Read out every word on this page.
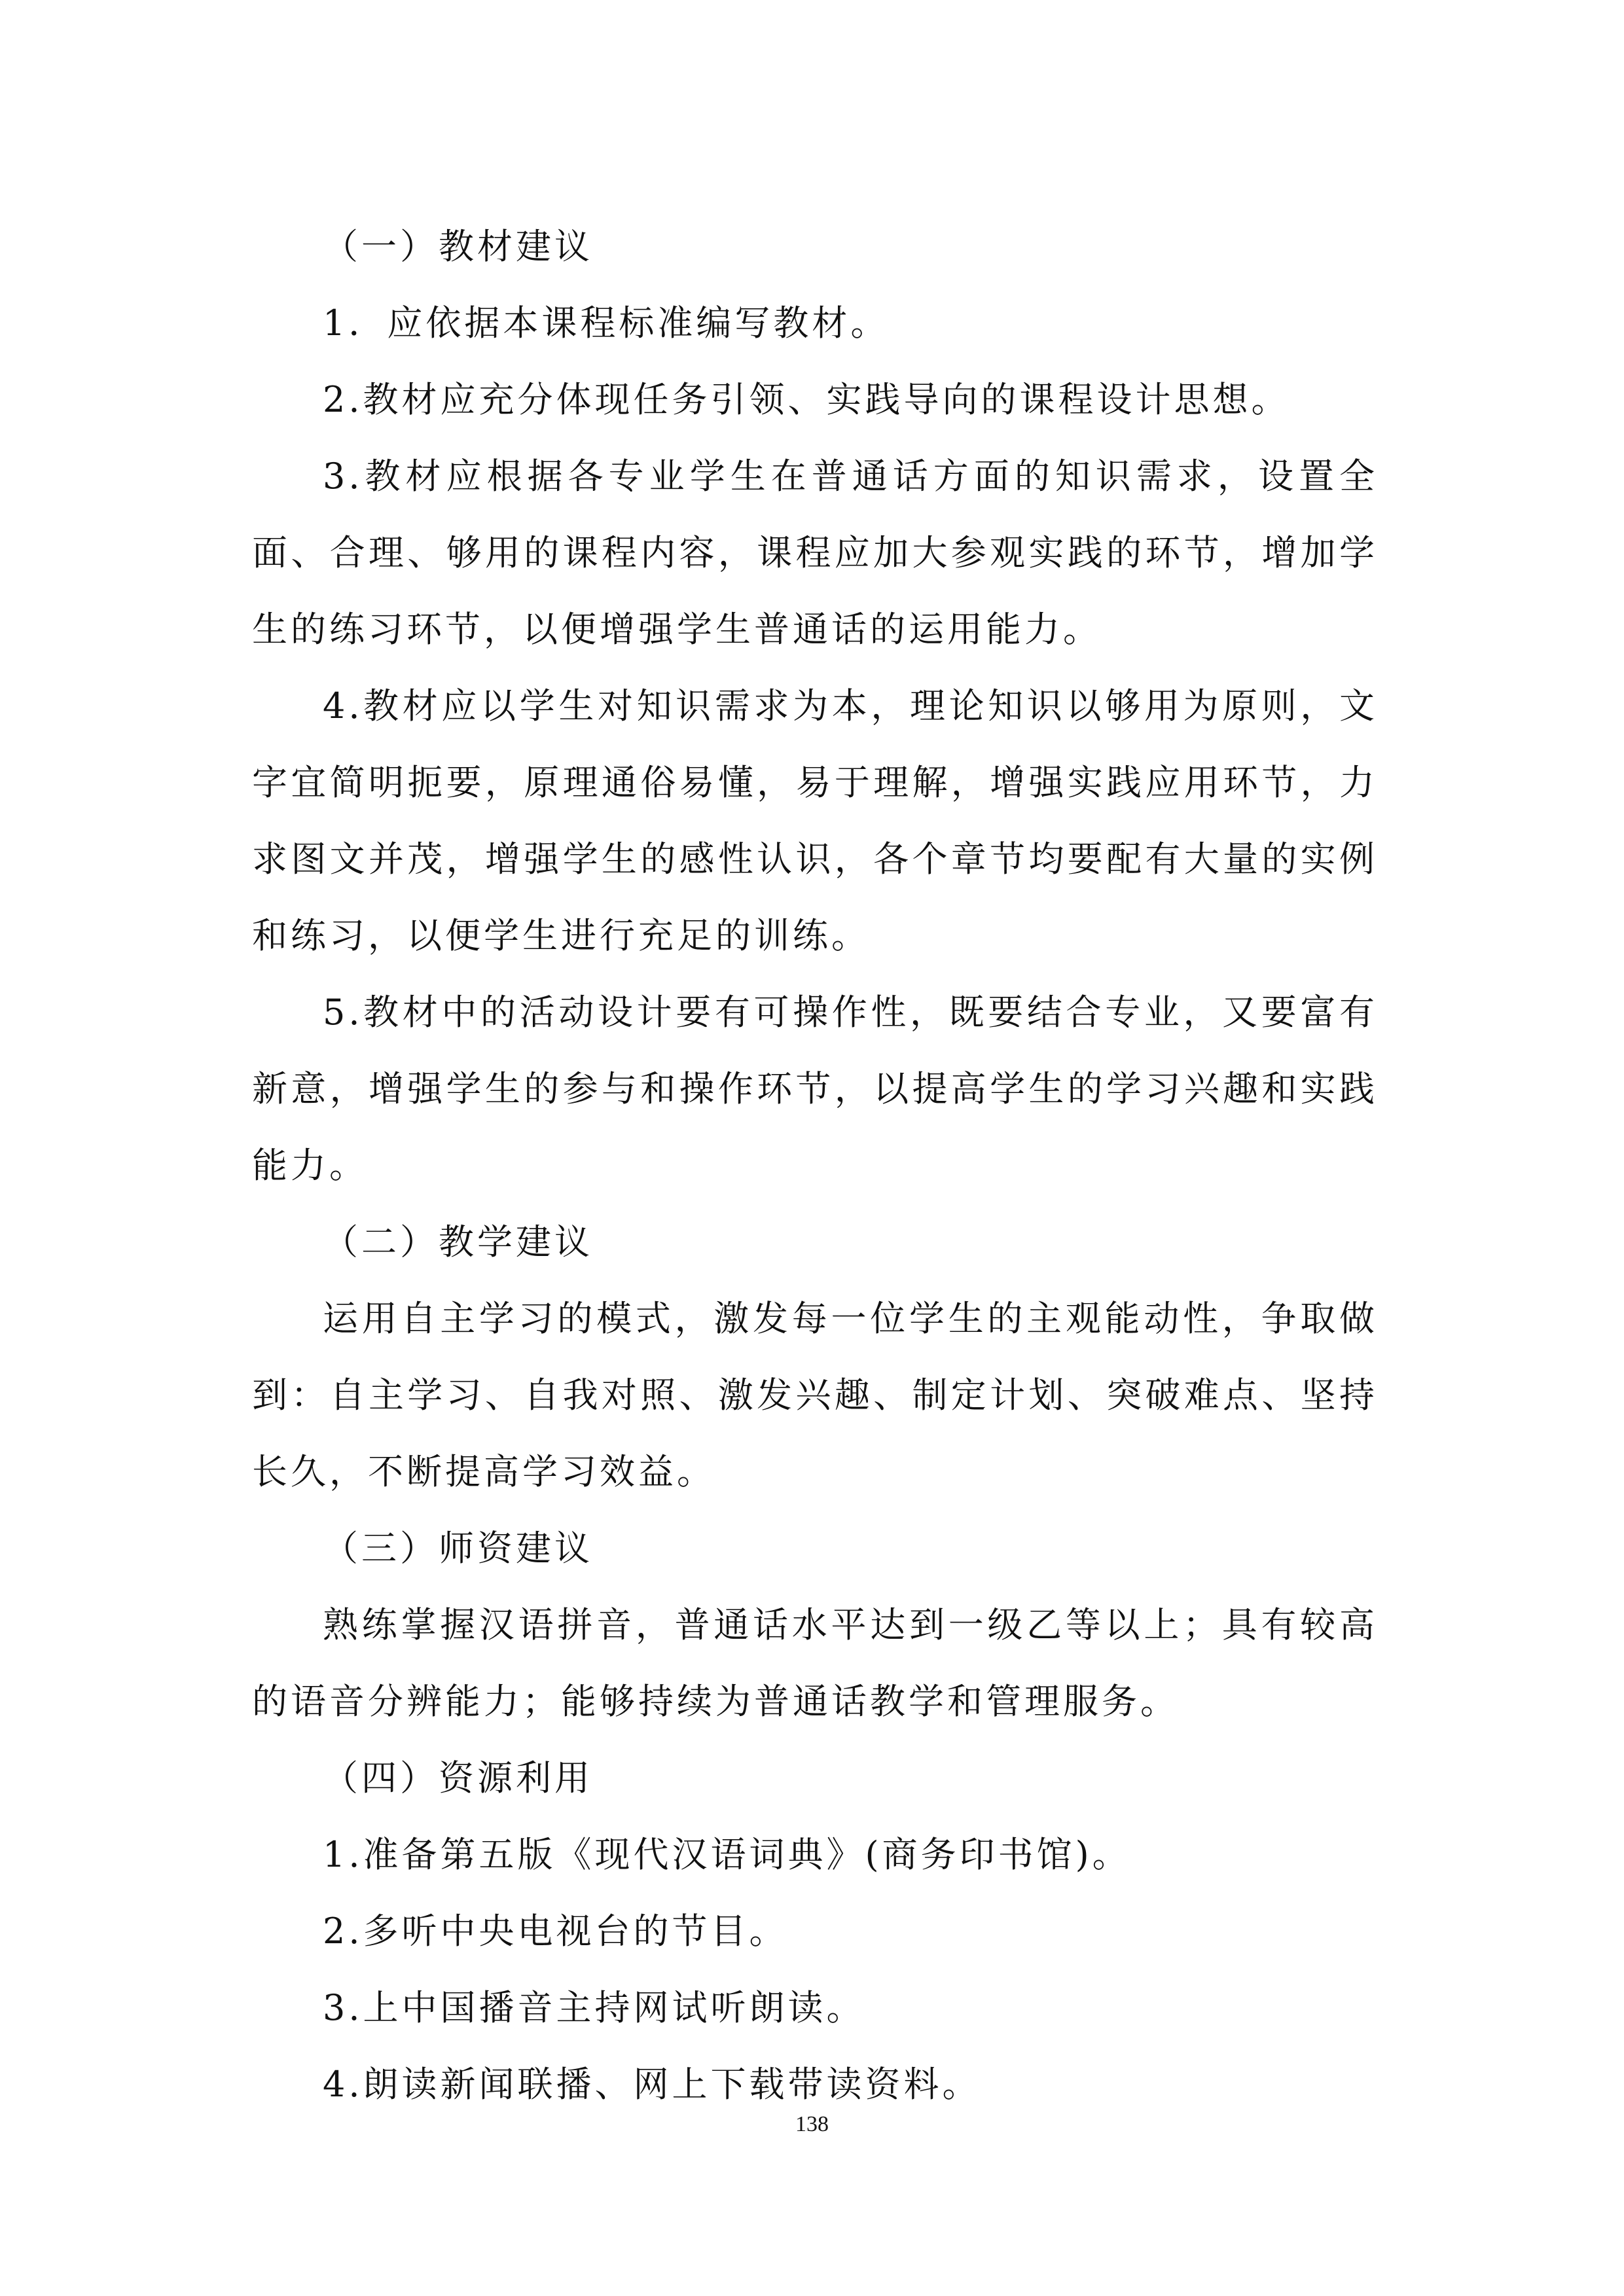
（一）教材建议

1．应依据本课程标准编写教材。

2.教材应充分体现任务引领、实践导向的课程设计思想。

3.教材应根据各专业学生在普通话方面的知识需求，设置全面、合理、够用的课程内容，课程应加大参观实践的环节，增加学生的练习环节，以便增强学生普通话的运用能力。

4.教材应以学生对知识需求为本，理论知识以够用为原则，文字宜简明扼要，原理通俗易懂，易于理解，增强实践应用环节，力求图文并茂，增强学生的感性认识，各个章节均要配有大量的实例和练习，以便学生进行充足的训练。

5.教材中的活动设计要有可操作性，既要结合专业，又要富有新意，增强学生的参与和操作环节，以提高学生的学习兴趣和实践能力。

（二）教学建议

运用自主学习的模式，激发每一位学生的主观能动性，争取做到：自主学习、自我对照、激发兴趣、制定计划、突破难点、坚持长久，不断提高学习效益。

（三）师资建议

熟练掌握汉语拼音，普通话水平达到一级乙等以上；具有较高的语音分辨能力；能够持续为普通话教学和管理服务。

（四）资源利用

1.准备第五版《现代汉语词典》(商务印书馆)。

2.多听中央电视台的节目。

3.上中国播音主持网试听朗读。

4.朗读新闻联播、网上下载带读资料。

138
